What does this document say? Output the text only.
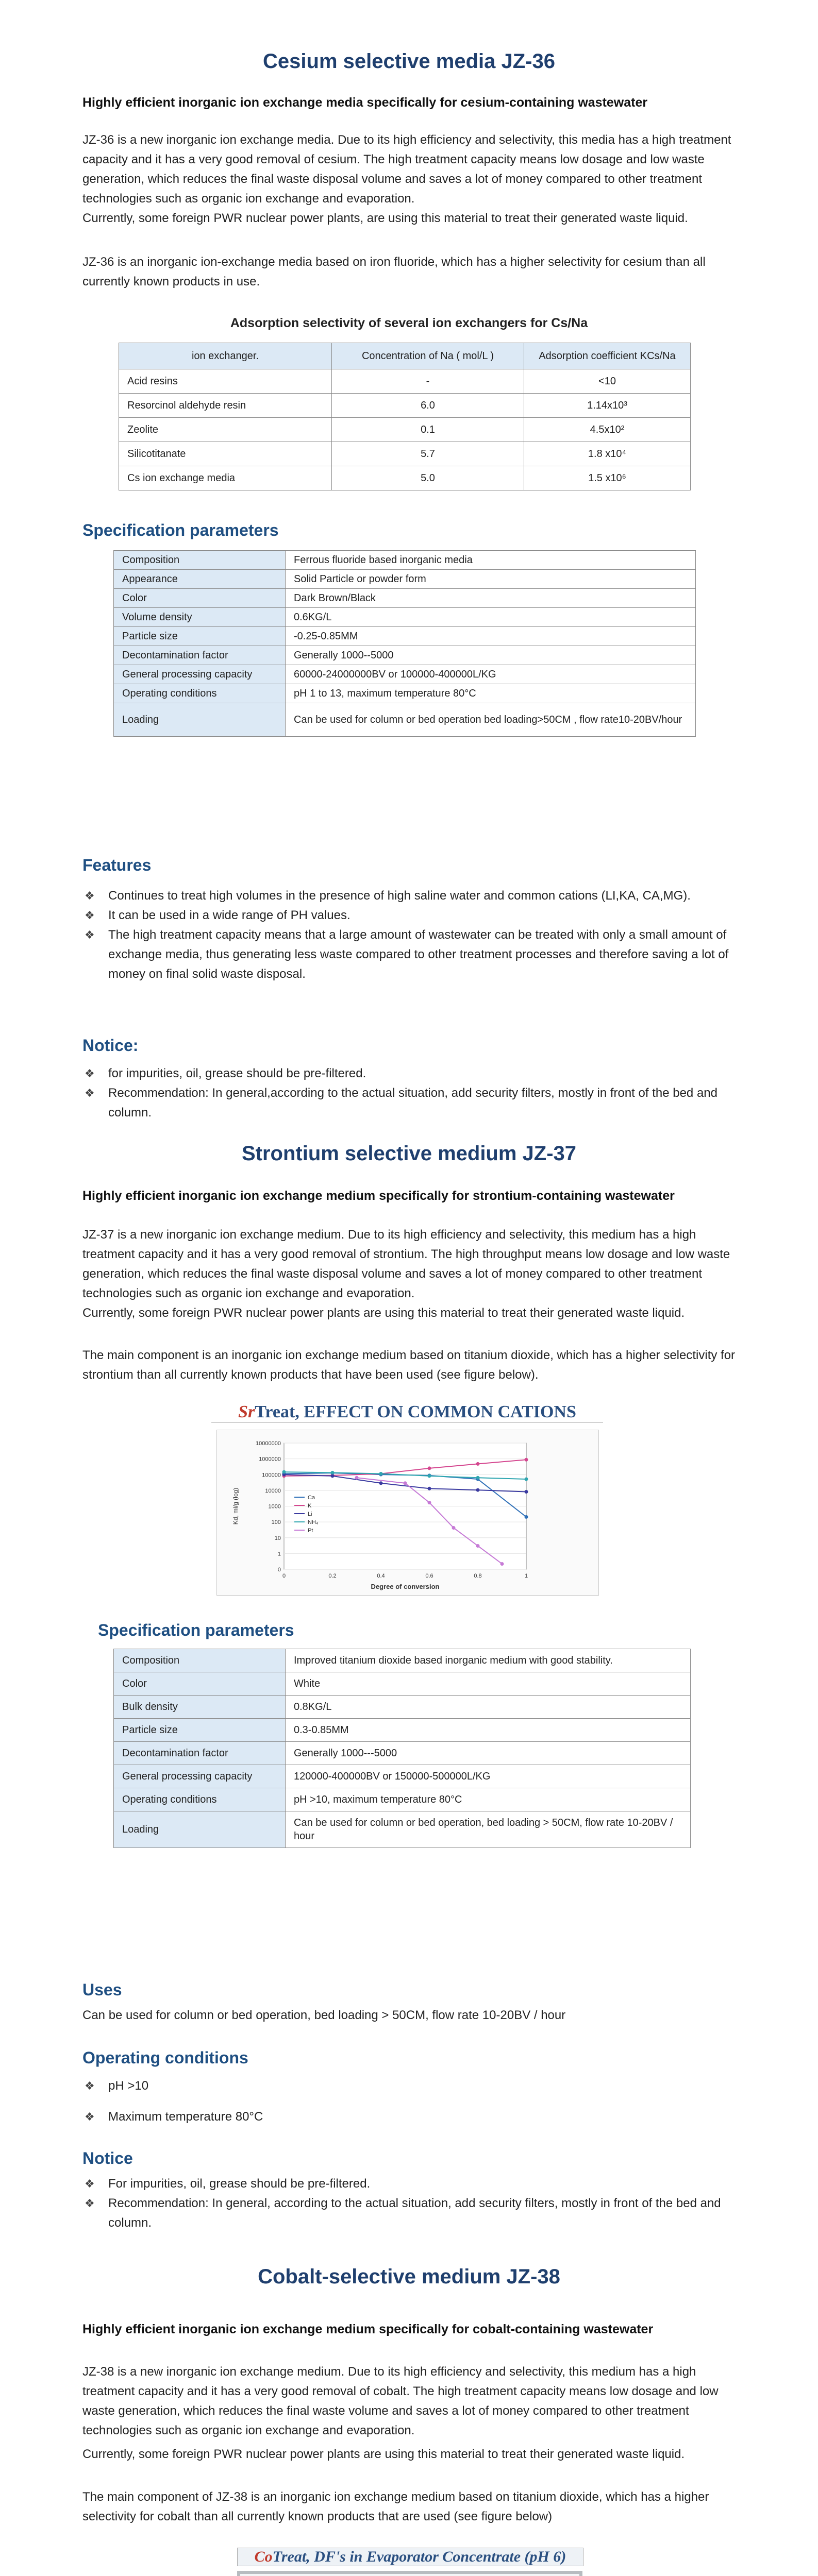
Cesium selective media JZ-36

Highly efficient inorganic ion exchange media specifically for cesium-containing wastewater

JZ-36 is a new inorganic ion exchange media. Due to its high efficiency and selectivity, this media has a high treatment capacity and it has a very good removal of cesium. The high treatment capacity means low dosage and low waste generation, which reduces the final waste disposal volume and saves a lot of money compared to other treatment technologies such as organic ion exchange and evaporation.

Currently, some foreign PWR nuclear power plants, are using this material to treat their generated waste liquid.

JZ-36 is an inorganic ion-exchange media based on iron fluoride, which has a higher selectivity for cesium than all currently known products in use.

Adsorption selectivity of several ion exchangers for Cs/Na

ion exchanger.	Concentration of Na ( mol/L )	Adsorption coefficient KCs/Na
Acid resins	-	<10
Resorcinol aldehyde resin	6.0	1.14x10³
Zeolite	0.1	4.5x10²
Silicotitanate	5.7	1.8 x10⁴
Cs ion exchange media	5.0	1.5 x10⁶
Specification parameters
Composition	Ferrous fluoride based inorganic media
Appearance	Solid Particle or powder form
Color	Dark Brown/Black
Volume density	0.6KG/L
Particle size	-0.25-0.85MM
Decontamination factor	Generally 1000--5000
General processing capacity	60000-24000000BV or 100000-400000L/KG
Operating conditions	pH 1 to 13, maximum temperature 80°C
Loading	Can be used for column or bed operation bed loading>50CM , flow rate10-20BV/hour
Features
❖ Continues to treat high volumes in the presence of high saline water and common cations (LI,KA, CA,MG).
❖ It can be used in a wide range of PH values.
❖ The high treatment capacity means that a large amount of wastewater can be treated with only a small amount of exchange media, thus generating less waste compared to other treatment processes and therefore saving a lot of money on final solid waste disposal.
Notice:
❖ for impurities, oil, grease should be pre-filtered.
❖ Recommendation: In general,according to the actual situation, add security filters, mostly in front of the bed and column.
Strontium selective medium JZ-37

Highly efficient inorganic ion exchange medium specifically for strontium-containing wastewater

JZ-37 is a new inorganic ion exchange medium. Due to its high efficiency and selectivity, this medium has a high treatment capacity and it has a very good removal of strontium. The high throughput means low dosage and low waste generation, which reduces the final waste disposal volume and saves a lot of money compared to other treatment technologies such as organic ion exchange and evaporation.

Currently, some foreign PWR nuclear power plants are using this material to treat their generated waste liquid.

The main component is an inorganic ion exchange medium based on titanium dioxide, which has a higher selectivity for strontium than all currently known products that have been used (see figure below).

SrTreat, EFFECT ON COMMON CATIONS
0
1
10
100
1000
10000
100000
1000000
10000000
0	0.2	0.4	0.6	0.8	1
Degree of conversion
Kd, ml/g (log)	Ca
K
Li
NH₄
Pt
Specification parameters
Composition	Improved titanium dioxide based inorganic medium with good stability.
Color	White
Bulk density	0.8KG/L
Particle size	0.3-0.85MM
Decontamination factor	Generally 1000---5000
General processing capacity	120000-400000BV or 150000-500000L/KG
Operating conditions	pH >10, maximum temperature 80°C
Loading	Can be used for column or bed operation, bed loading > 50CM, flow rate 10-20BV / hour
Uses

Can be used for column or bed operation, bed loading > 50CM, flow rate 10-20BV / hour

Operating conditions
❖ pH >10
❖ Maximum temperature 80°C
Notice
❖ For impurities, oil, grease should be pre-filtered.
❖ Recommendation: In general, according to the actual situation, add security filters, mostly in front of the bed and column.
Cobalt-selective medium JZ-38

Highly efficient inorganic ion exchange medium specifically for cobalt-containing wastewater

JZ-38 is a new inorganic ion exchange medium. Due to its high efficiency and selectivity, this medium has a high treatment capacity and it has a very good removal of cobalt. The high treatment capacity means low dosage and low waste generation, which reduces the final waste volume and saves a lot of money compared to other treatment technologies such as organic ion exchange and evaporation.

Currently, some foreign PWR nuclear power plants are using this material to treat their generated waste liquid.

The main component of JZ-38 is an inorganic ion exchange medium based on titanium dioxide, which has a higher selectivity for cobalt than all currently known products that are used (see figure below)

CoTreat, DF's in Evaporator Concentrate (pH 6)
